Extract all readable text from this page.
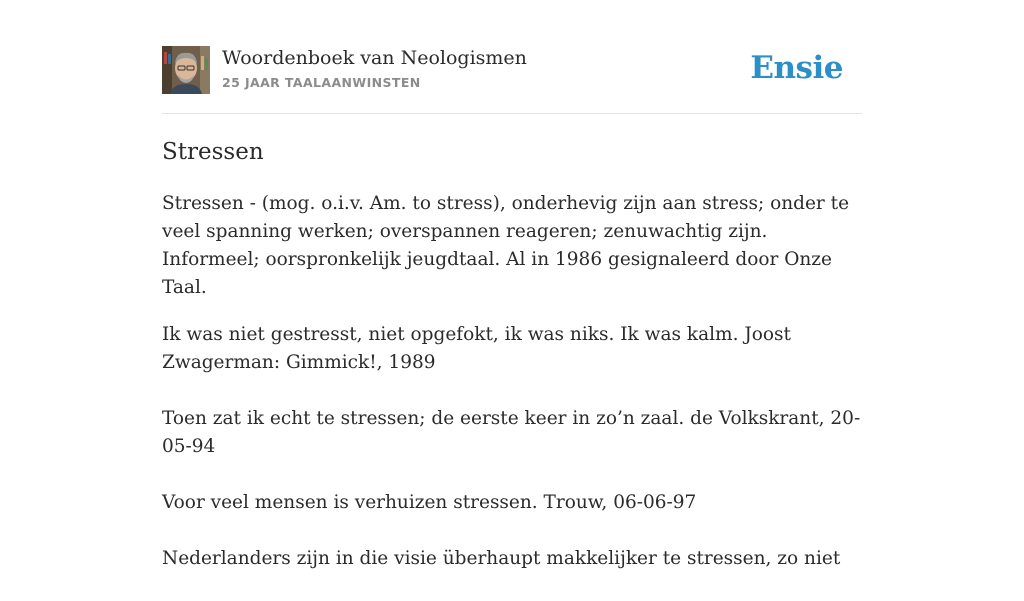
Woordenboek van Neologismen
25 JAAR TAALAANWINSTEN	Ensie
Stressen

Stressen - (mog. o.i.v. Am. to stress), onderhevig zijn aan stress; onder te veel spanning werken; overspannen reageren; zenuwachtig zijn. Informeel; oorspronkelijk jeugdtaal. Al in 1986 gesignaleerd door Onze Taal.

Ik was niet gestresst, niet opgefokt, ik was niks. Ik was kalm. Joost Zwagerman: Gimmick!, 1989

Toen zat ik echt te stressen; de eerste keer in zo’n zaal. de Volkskrant, 20-05-94

Voor veel mensen is verhuizen stressen. Trouw, 06-06-97

Nederlanders zijn in die visie überhaupt makkelijker te stressen, zo niet
